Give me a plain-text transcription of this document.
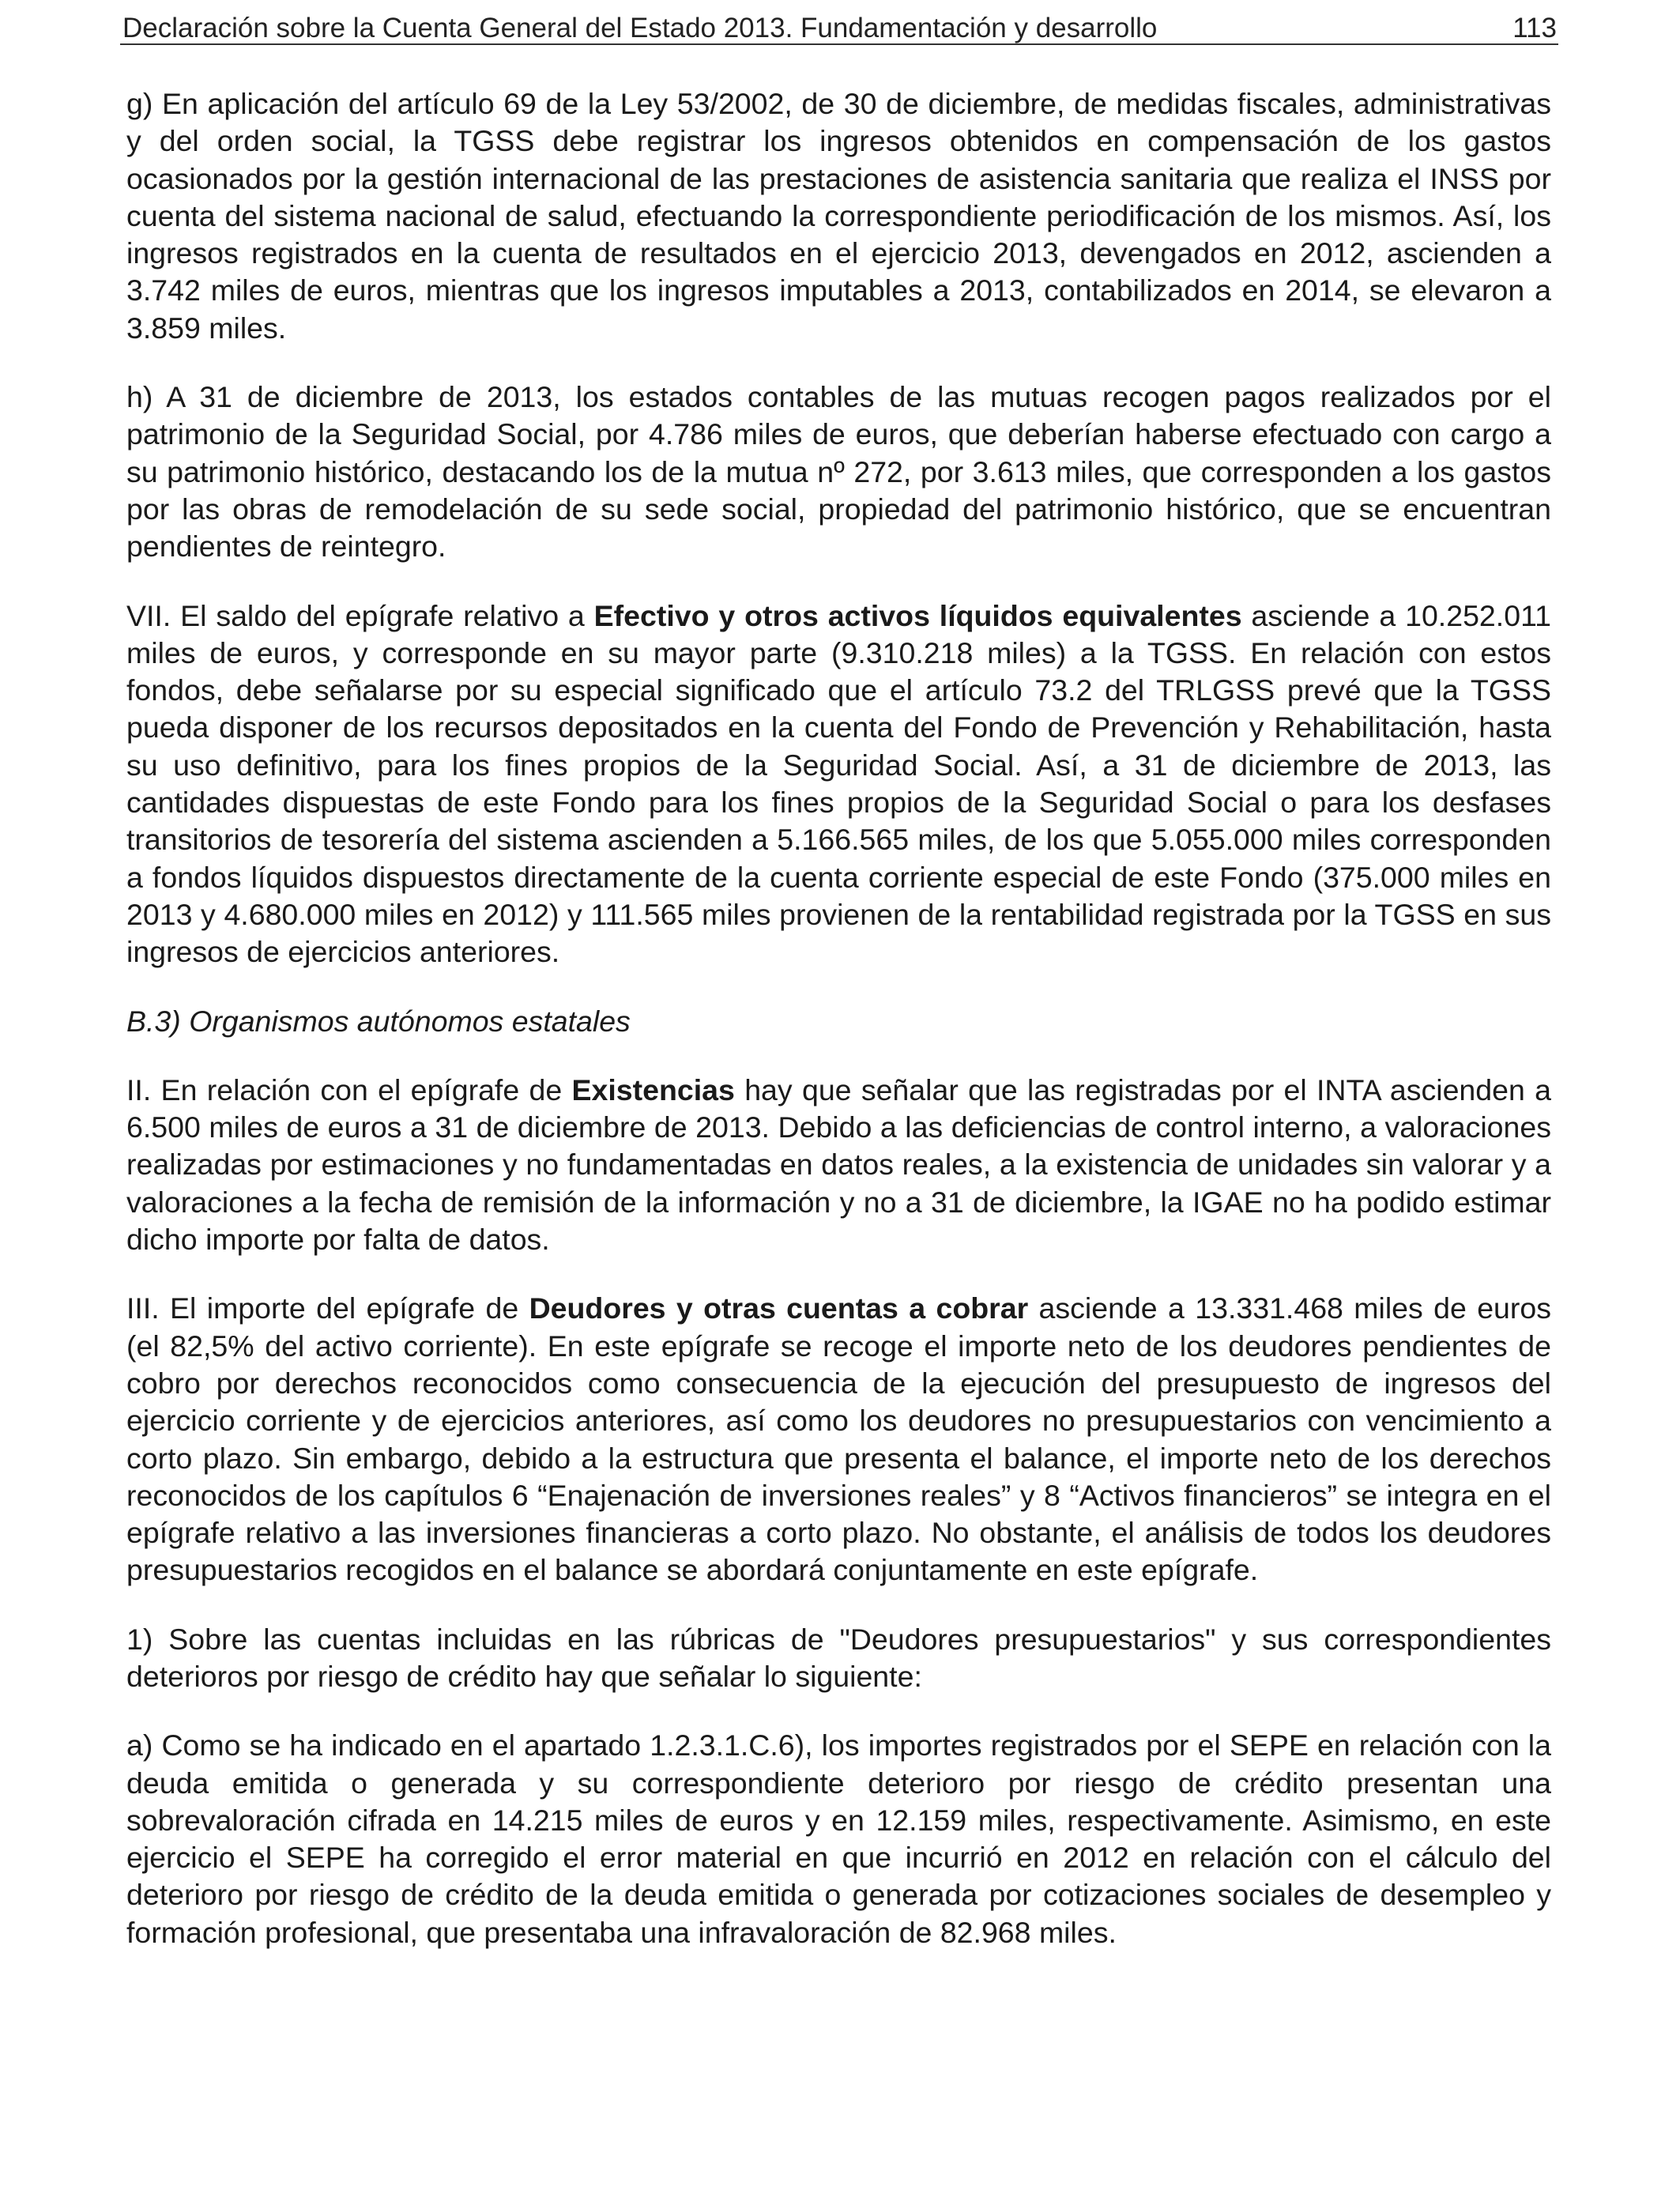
Declaración sobre la Cuenta General del Estado 2013. Fundamentación y desarrollo	113

g) En aplicación del artículo 69 de la Ley 53/2002, de 30 de diciembre, de medidas fiscales, administrativas y del orden social, la TGSS debe registrar los ingresos obtenidos en compensación de los gastos ocasionados por la gestión internacional de las prestaciones de asistencia sanitaria que realiza el INSS por cuenta del sistema nacional de salud, efectuando la correspondiente periodificación de los mismos. Así, los ingresos registrados en la cuenta de resultados en el ejercicio 2013, devengados en 2012, ascienden a 3.742 miles de euros, mientras que los ingresos imputables a 2013, contabilizados en 2014, se elevaron a 3.859 miles.

h) A 31 de diciembre de 2013, los estados contables de las mutuas recogen pagos realizados por el patrimonio de la Seguridad Social, por 4.786 miles de euros, que deberían haberse efectuado con cargo a su patrimonio histórico, destacando los de la mutua nº 272, por 3.613 miles, que corresponden a los gastos por las obras de remodelación de su sede social, propiedad del patrimonio histórico, que se encuentran pendientes de reintegro.

VII. El saldo del epígrafe relativo a Efectivo y otros activos líquidos equivalentes asciende a 10.252.011 miles de euros, y corresponde en su mayor parte (9.310.218 miles) a la TGSS. En relación con estos fondos, debe señalarse por su especial significado que el artículo 73.2 del TRLGSS prevé que la TGSS pueda disponer de los recursos depositados en la cuenta del Fondo de Prevención y Rehabilitación, hasta su uso definitivo, para los fines propios de la Seguridad Social. Así, a 31 de diciembre de 2013, las cantidades dispuestas de este Fondo para los fines propios de la Seguridad Social o para los desfases transitorios de tesorería del sistema ascienden a 5.166.565 miles, de los que 5.055.000 miles corresponden a fondos líquidos dispuestos directamente de la cuenta corriente especial de este Fondo (375.000 miles en 2013 y 4.680.000 miles en 2012) y 111.565 miles provienen de la rentabilidad registrada por la TGSS en sus ingresos de ejercicios anteriores.

B.3) Organismos autónomos estatales

II. En relación con el epígrafe de Existencias hay que señalar que las registradas por el INTA ascienden a 6.500 miles de euros a 31 de diciembre de 2013. Debido a las deficiencias de control interno, a valoraciones realizadas por estimaciones y no fundamentadas en datos reales, a la existencia de unidades sin valorar y a valoraciones a la fecha de remisión de la información y no a 31 de diciembre, la IGAE no ha podido estimar dicho importe por falta de datos.

III. El importe del epígrafe de Deudores y otras cuentas a cobrar asciende a 13.331.468 miles de euros (el 82,5% del activo corriente). En este epígrafe se recoge el importe neto de los deudores pendientes de cobro por derechos reconocidos como consecuencia de la ejecución del presupuesto de ingresos del ejercicio corriente y de ejercicios anteriores, así como los deudores no presupuestarios con vencimiento a corto plazo. Sin embargo, debido a la estructura que presenta el balance, el importe neto de los derechos reconocidos de los capítulos 6 “Enajenación de inversiones reales” y 8 “Activos financieros” se integra en el epígrafe relativo a las inversiones financieras a corto plazo. No obstante, el análisis de todos los deudores presupuestarios recogidos en el balance se abordará conjuntamente en este epígrafe.

1) Sobre las cuentas incluidas en las rúbricas de "Deudores presupuestarios" y sus correspondientes deterioros por riesgo de crédito hay que señalar lo siguiente:

a) Como se ha indicado en el apartado 1.2.3.1.C.6), los importes registrados por el SEPE en relación con la deuda emitida o generada y su correspondiente deterioro por riesgo de crédito presentan una sobrevaloración cifrada en 14.215 miles de euros y en 12.159 miles, respectivamente. Asimismo, en este ejercicio el SEPE ha corregido el error material en que incurrió en 2012 en relación con el cálculo del deterioro por riesgo de crédito de la deuda emitida o generada por cotizaciones sociales de desempleo y formación profesional, que presentaba una infravaloración de 82.968 miles.
